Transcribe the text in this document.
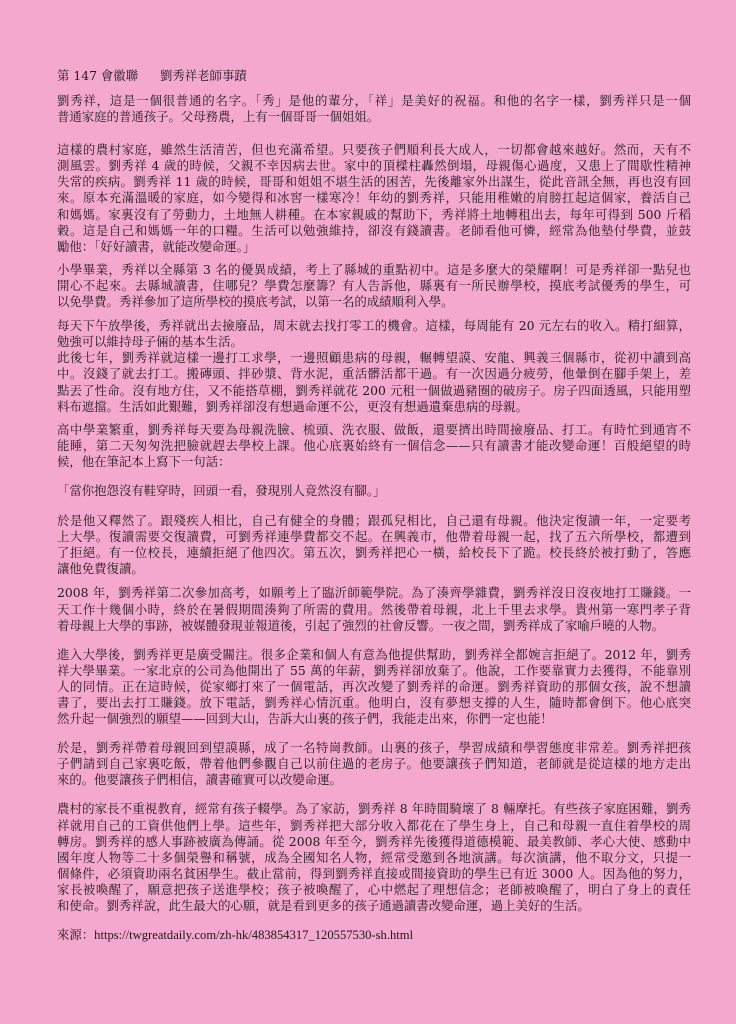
第 147 會徽聯 劉秀祥老師事蹟
劉秀祥，這是一個很普通的名字。「秀」是他的輩分，「祥」是美好的祝福。和他的名字一樣，劉秀祥只是一個
普通家庭的普通孩子。父母務農，上有一個哥哥一個姐姐。
這樣的農村家庭，雖然生活清苦，但也充滿希望。只要孩子們順利長大成人，一切都會越來越好。然而，天有不
測風雲。劉秀祥 4 歲的時候，父親不幸因病去世。家中的頂樑柱轟然倒塌，母親傷心過度，又患上了間歇性精神
失常的疾病。劉秀祥 11 歲的時候，哥哥和姐姐不堪生活的困苦，先後離家外出謀生，從此音訊全無，再也沒有回
來。原本充滿溫暖的家庭，如今變得和冰窖一樣寒冷！年幼的劉秀祥，只能用稚嫩的肩膀扛起這個家，養活自己
和媽媽。家裏沒有了勞動力，土地無人耕種。在本家親戚的幫助下，秀祥將土地轉租出去，每年可得到 500 斤稻
穀。這是自己和媽媽一年的口糧。生活可以勉強維持，卻沒有錢讀書。老師看他可憐，經常為他墊付學費，並鼓
勵他：「好好讀書，就能改變命運。」
小學畢業，秀祥以全縣第 3 名的優異成績，考上了縣城的重點初中。這是多麼大的榮耀啊！可是秀祥卻一點兒也
開心不起來。去縣城讀書，住哪兒？學費怎麼籌？有人告訴他，縣裏有一所民辦學校，摸底考試優秀的學生，可
以免學費。秀祥參加了這所學校的摸底考試，以第一名的成績順利入學。
每天下午放學後，秀祥就出去撿廢品，周末就去找打零工的機會。這樣，每周能有 20 元左右的收入。精打細算，
勉強可以維持母子倆的基本生活。
此後七年，劉秀祥就這樣一邊打工求學，一邊照顧患病的母親，輾轉望謨、安龍、興義三個縣市，從初中讀到高
中。沒錢了就去打工。搬磚頭、拌砂漿、背水泥，重活髒活都干過。有一次因過分疲勞，他暈倒在腳手架上，差
點丟了性命。沒有地方住，又不能搭草棚，劉秀祥就花 200 元租一個做過豬圈的破房子。房子四面透風，只能用塑
料布遮擋。生活如此艱難，劉秀祥卻沒有想過命運不公，更沒有想過遺棄患病的母親。
高中學業繁重，劉秀祥每天要為母親洗臉、梳頭、洗衣服、做飯，還要擠出時間撿廢品、打工。有時忙到通宵不
能睡，第二天匆匆洗把臉就趕去學校上課。他心底裏始終有一個信念——只有讀書才能改變命運！百般絕望的時
候，他在筆記本上寫下一句話：
「當你抱怨沒有鞋穿時，回頭一看，發現別人竟然沒有腳。」
於是他又釋然了。跟殘疾人相比，自己有健全的身體；跟孤兒相比，自己還有母親。他決定復讀一年，一定要考
上大學。復讀需要交復讀費，可劉秀祥連學費都交不起。在興義市，他帶着母親一起，找了五六所學校，都遭到
了拒絕。有一位校長，連續拒絕了他四次。第五次，劉秀祥把心一橫，給校長下了跪。校長終於被打動了，答應
讓他免費復讀。
2008 年，劉秀祥第二次參加高考，如願考上了臨沂師範學院。為了湊齊學雜費，劉秀祥沒日沒夜地打工賺錢。一
天工作十幾個小時，終於在暑假期間湊夠了所需的費用。然後帶着母親，北上千里去求學。貴州第一寒門孝子背
着母親上大學的事跡，被媒體發現並報道後，引起了強烈的社會反響。一夜之間，劉秀祥成了家喻戶曉的人物。
進入大學後，劉秀祥更是廣受關注。很多企業和個人有意為他提供幫助，劉秀祥全都婉言拒絕了。2012 年，劉秀
祥大學畢業。一家北京的公司為他開出了 55 萬的年薪，劉秀祥卻放棄了。他說，工作要靠實力去獲得，不能靠別
人的同情。正在這時候，從家鄉打來了一個電話，再次改變了劉秀祥的命運。劉秀祥資助的那個女孩，說不想讀
書了，要出去打工賺錢。放下電話，劉秀祥心情沉重。他明白，沒有夢想支撐的人生，隨時都會倒下。他心底突
然升起一個強烈的願望——回到大山，告訴大山裏的孩子們，我能走出來，你們一定也能！
於是，劉秀祥帶着母親回到望謨縣，成了一名特崗教師。山裏的孩子，學習成績和學習態度非常差。劉秀祥把孩
子們請到自己家裏吃飯，帶着他們參觀自己以前住過的老房子。他要讓孩子們知道，老師就是從這樣的地方走出
來的。他要讓孩子們相信，讀書確實可以改變命運。
農村的家長不重視教育，經常有孩子輟學。為了家訪，劉秀祥 8 年時間騎壞了 8 輛摩托。有些孩子家庭困難，劉秀
祥就用自己的工資供他們上學。這些年，劉秀祥把大部分收入都花在了學生身上，自己和母親一直住着學校的周
轉房。劉秀祥的感人事跡被廣為傳誦。從 2008 年至今，劉秀祥先後獲得道德模範、最美教師、孝心大使、感動中
國年度人物等二十多個榮譽和稱號，成為全國知名人物，經常受邀到各地演講。每次演講，他不取分文，只提一
個條件，必須資助兩名貧困學生。截止當前，得到劉秀祥直接或間接資助的學生已有近 3000 人。因為他的努力，
家長被喚醒了，願意把孩子送進學校；孩子被喚醒了，心中燃起了理想信念；老師被喚醒了，明白了身上的責任
和使命。劉秀祥說，此生最大的心願，就是看到更多的孩子通過讀書改變命運，過上美好的生活。
來源：https://twgreatdaily.com/zh-hk/483854317_120557530-sh.html
